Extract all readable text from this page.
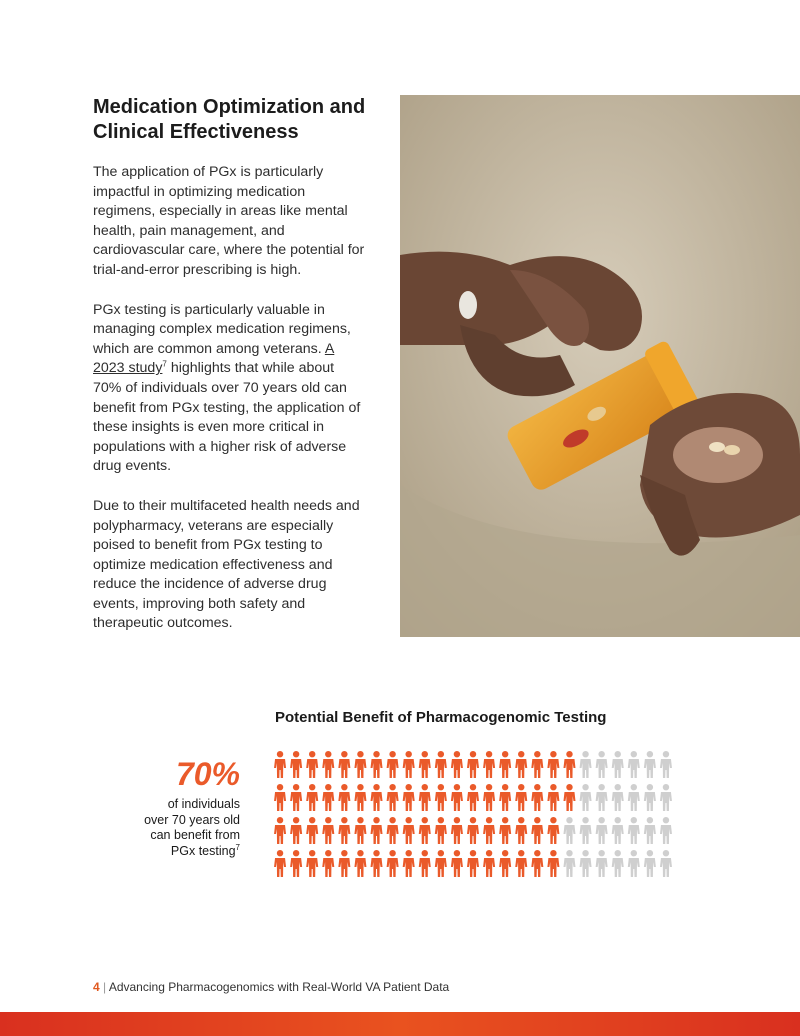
Medication Optimization and Clinical Effectiveness

The application of PGx is particularly impactful in optimizing medication regimens, especially in areas like mental health, pain management, and cardiovascular care, where the potential for trial-and-error prescribing is high.

PGx testing is particularly valuable in managing complex medication regimens, which are common among veterans. A 2023 study$^7$ highlights that while about 70% of individuals over 70 years old can benefit from PGx testing, the application of these insights is even more critical in populations with a higher risk of adverse drug events.

Due to their multifaceted health needs and polypharmacy, veterans are especially poised to benefit from PGx testing to optimize medication effectiveness and reduce the incidence of adverse drug events, improving both safety and therapeutic outcomes.

Potential Benefit of Pharmacogenomic Testing
70%
of individuals
over 70 years old
can benefit from
PGx testing$^7$
4 | Advancing Pharmacogenomics with Real-World VA Patient Data
